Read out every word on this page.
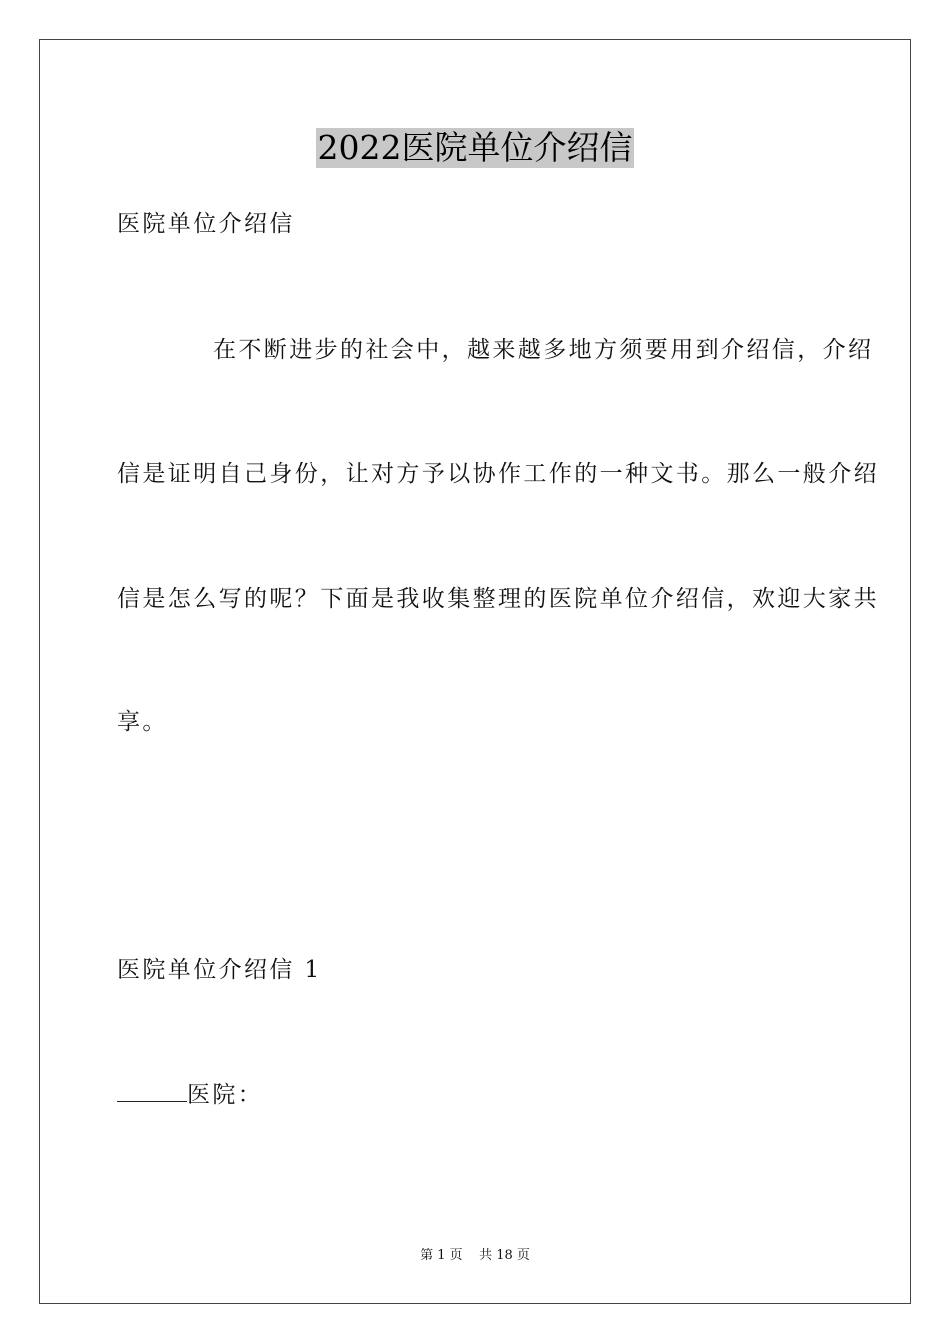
2022医院单位介绍信
医院单位介绍信
在不断进步的社会中，越来越多地方须要用到介绍信，介绍
信是证明自己身份，让对方予以协作工作的一种文书。那么一般介绍
信是怎么写的呢？下面是我收集整理的医院单位介绍信，欢迎大家共
享。
医院单位介绍信 1
医院：
第 1 页    共 18 页
